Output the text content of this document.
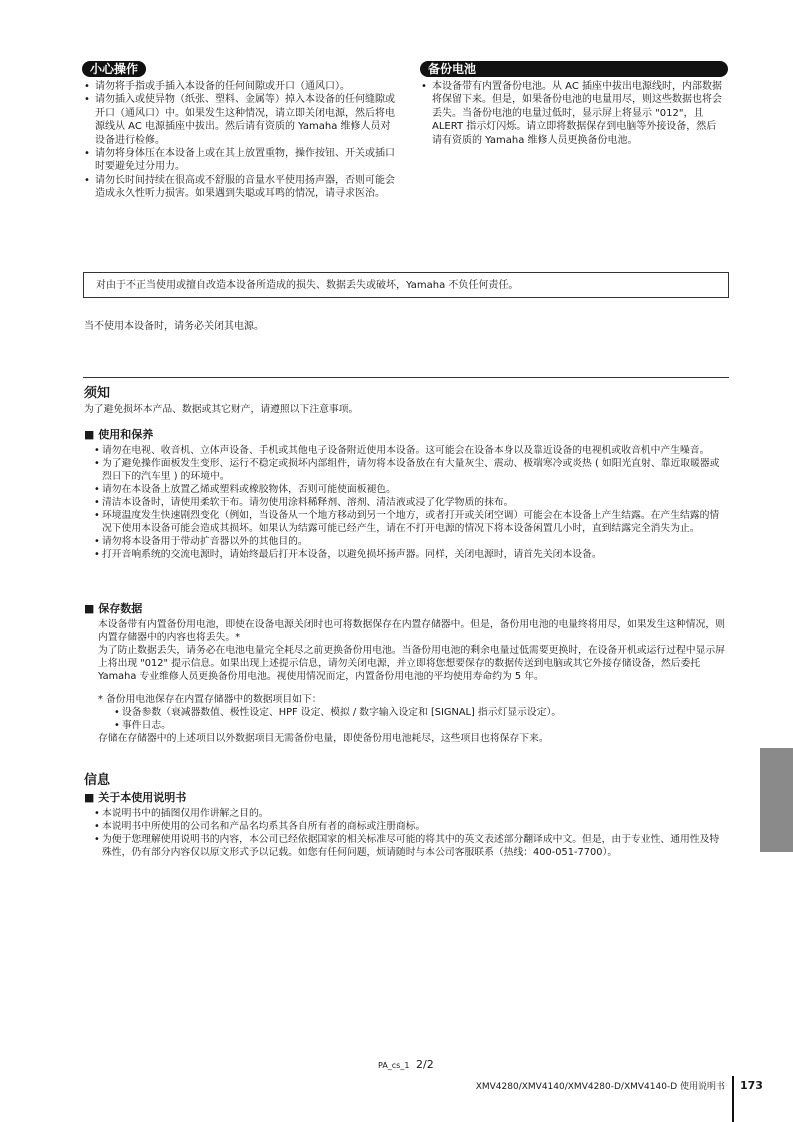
小心操作
• 请勿将手指或手插入本设备的任何间隙或开口（通风口）。
• 请勿插入或使异物（纸张、塑料、金属等）掉入本设备的任何缝隙或开口（通风口）中。如果发生这种情况，请立即关闭电源，然后将电源线从 AC 电源插座中拔出。然后请有资质的 Yamaha 维修人员对设备进行检修。
• 请勿将身体压在本设备上或在其上放置重物，操作按钮、开关或插口时要避免过分用力。
• 请勿长时间持续在很高或不舒服的音量水平使用扬声器，否则可能会造成永久性听力损害。如果遇到失聪或耳鸣的情况，请寻求医治。
备份电池
• 本设备带有内置备份电池。从 AC 插座中拔出电源线时，内部数据将保留下来。但是，如果备份电池的电量用尽，则这些数据也将会丢失。当备份电池的电量过低时，显示屏上将显示 "012"，且 ALERT 指示灯闪烁。请立即将数据保存到电脑等外接设备，然后请有资质的 Yamaha 维修人员更换备份电池。
对由于不正当使用或擅自改造本设备所造成的损失、数据丢失或破坏，Yamaha 不负任何责任。
当不使用本设备时，请务必关闭其电源。
须知
为了避免损坏本产品、数据或其它财产，请遵照以下注意事项。
■ 使用和保养
• 请勿在电视、收音机、立体声设备、手机或其他电子设备附近使用本设备。这可能会在设备本身以及靠近设备的电视机或收音机中产生噪音。
• 为了避免操作面板发生变形、运行不稳定或损坏内部组件，请勿将本设备放在有大量灰尘、震动、极端寒冷或炎热 ( 如阳光直射、靠近取暖器或烈日下的汽车里 ) 的环境中。
• 请勿在本设备上放置乙烯或塑料或橡胶物体，否则可能使面板褪色。
• 清洁本设备时，请使用柔软干布。请勿使用涂料稀释剂、溶剂、清洁液或浸了化学物质的抹布。
• 环境温度发生快速剧烈变化（例如，当设备从一个地方移动到另一个地方，或者打开或关闭空调）可能会在本设备上产生结露。在产生结露的情况下使用本设备可能会造成其损坏。如果认为结露可能已经产生，请在不打开电源的情况下将本设备闲置几小时，直到结露完全消失为止。
• 请勿将本设备用于带动扩音器以外的其他目的。
• 打开音响系统的交流电源时，请始终最后打开本设备，以避免损坏扬声器。同样，关闭电源时，请首先关闭本设备。
■ 保存数据

本设备带有内置备份用电池，即使在设备电源关闭时也可将数据保存在内置存储器中。但是，备份用电池的电量终将用尽，如果发生这种情况，则内置存储器中的内容也将丢失。*

为了防止数据丢失，请务必在电池电量完全耗尽之前更换备份用电池。当备份用电池的剩余电量过低需要更换时，在设备开机或运行过程中显示屏上将出现 "012" 提示信息。如果出现上述提示信息，请勿关闭电源，并立即将您想要保存的数据传送到电脑或其它外接存储设备，然后委托 Yamaha 专业维修人员更换备份用电池。视使用情况而定，内置备份用电池的平均使用寿命约为 5 年。

* 备份用电池保存在内置存储器中的数据项目如下：

• 设备参数（衰减器数值、极性设定、HPF 设定、模拟 / 数字输入设定和 [SIGNAL] 指示灯显示设定）。
• 事件日志。

存储在存储器中的上述项目以外数据项目无需备份电量，即使备份用电池耗尽，这些项目也将保存下来。

信息
■ 关于本使用说明书
• 本说明书中的插图仅用作讲解之目的。
• 本说明书中所使用的公司名和产品名均系其各自所有者的商标或注册商标。
• 为便于您理解使用说明书的内容，本公司已经依据国家的相关标准尽可能的将其中的英文表述部分翻译成中文。但是，由于专业性、通用性及特殊性，仍有部分内容仅以原文形式予以记载。如您有任何问题，烦请随时与本公司客服联系（热线：400-051-7700）。
PA_cs_1 2/2
XMV4280/XMV4140/XMV4280-D/XMV4140-D 使用说明书 173
